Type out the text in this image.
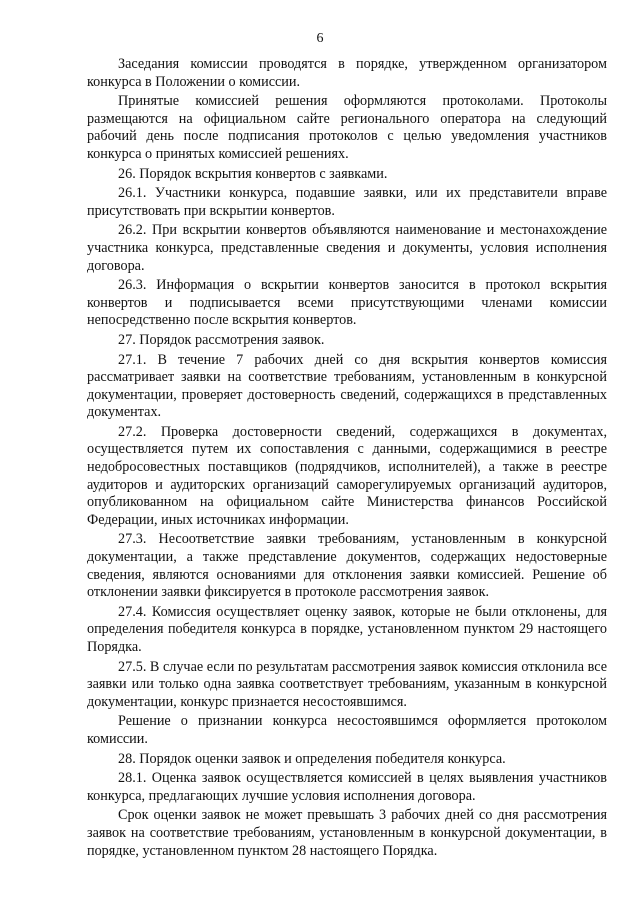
6

Заседания комиссии проводятся в порядке, утвержденном организатором конкурса в Положении о комиссии.

Принятые комиссией решения оформляются протоколами. Протоколы размещаются на официальном сайте регионального оператора на следующий рабочий день после подписания протоколов с целью уведомления участников конкурса о принятых комиссией решениях.

26. Порядок вскрытия конвертов с заявками.

26.1. Участники конкурса, подавшие заявки, или их представители вправе присутствовать при вскрытии конвертов.

26.2. При вскрытии конвертов объявляются наименование и местонахождение участника конкурса, представленные сведения и документы, условия исполнения договора.

26.3. Информация о вскрытии конвертов заносится в протокол вскрытия конвертов и подписывается всеми присутствующими членами комиссии непосредственно после вскрытия конвертов.

27. Порядок рассмотрения заявок.

27.1. В течение 7 рабочих дней со дня вскрытия конвертов комиссия рассматривает заявки на соответствие требованиям, установленным в конкурсной документации, проверяет достоверность сведений, содержащихся в представленных документах.

27.2. Проверка достоверности сведений, содержащихся в документах, осуществляется путем их сопоставления с данными, содержащимися в реестре недобросовестных поставщиков (подрядчиков, исполнителей), а также в реестре аудиторов и аудиторских организаций саморегулируемых организаций аудиторов, опубликованном на официальном сайте Министерства финансов Российской Федерации, иных источниках информации.

27.3. Несоответствие заявки требованиям, установленным в конкурсной документации, а также представление документов, содержащих недостоверные сведения, являются основаниями для отклонения заявки комиссией. Решение об отклонении заявки фиксируется в протоколе рассмотрения заявок.

27.4. Комиссия осуществляет оценку заявок, которые не были отклонены, для определения победителя конкурса в порядке, установленном пунктом 29 настоящего Порядка.

27.5. В случае если по результатам рассмотрения заявок комиссия отклонила все заявки или только одна заявка соответствует требованиям, указанным в конкурсной документации, конкурс признается несостоявшимся.

Решение о признании конкурса несостоявшимся оформляется протоколом комиссии.

28. Порядок оценки заявок и определения победителя конкурса.

28.1. Оценка заявок осуществляется комиссией в целях выявления участников конкурса, предлагающих лучшие условия исполнения договора.

Срок оценки заявок не может превышать 3 рабочих дней со дня рассмотрения заявок на соответствие требованиям, установленным в конкурсной документации, в порядке, установленном пунктом 28 настоящего Порядка.
